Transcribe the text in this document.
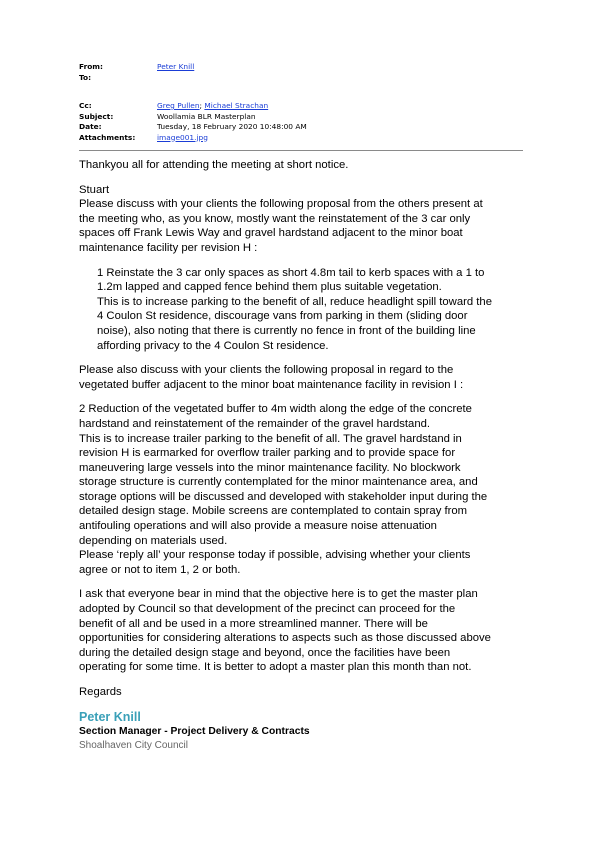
From:	Peter Knill
To:
Cc:	Greg Pullen; Michael Strachan
Subject:	Woollamia BLR Masterplan
Date:	Tuesday, 18 February 2020 10:48:00 AM
Attachments:	image001.jpg

Thankyou all for attending the meeting at short notice.

Stuart
Please discuss with your clients the following proposal from the others present at
the meeting who, as you know, mostly want the reinstatement of the 3 car only
spaces off Frank Lewis Way and gravel hardstand adjacent to the minor boat
maintenance facility per revision H :

1 Reinstate the 3 car only spaces as short 4.8m tail to kerb spaces with a 1 to
1.2m lapped and capped fence behind them plus suitable vegetation.
This is to increase parking to the benefit of all, reduce headlight spill toward the
4 Coulon St residence, discourage vans from parking in them (sliding door
noise), also noting that there is currently no fence in front of the building line
affording privacy to the 4 Coulon St residence.

Please also discuss with your clients the following proposal in regard to the
vegetated buffer adjacent to the minor boat maintenance facility in revision I :

2 Reduction of the vegetated buffer to 4m width along the edge of the concrete
hardstand and reinstatement of the remainder of the gravel hardstand.
This is to increase trailer parking to the benefit of all. The gravel hardstand in
revision H is earmarked for overflow trailer parking and to provide space for
maneuvering large vessels into the minor maintenance facility. No blockwork
storage structure is currently contemplated for the minor maintenance area, and
storage options will be discussed and developed with stakeholder input during the
detailed design stage. Mobile screens are contemplated to contain spray from
antifouling operations and will also provide a measure noise attenuation
depending on materials used.
Please ‘reply all’ your response today if possible, advising whether your clients
agree or not to item 1, 2 or both.

I ask that everyone bear in mind that the objective here is to get the master plan
adopted by Council so that development of the precinct can proceed for the
benefit of all and be used in a more streamlined manner. There will be
opportunities for considering alterations to aspects such as those discussed above
during the detailed design stage and beyond, once the facilities have been
operating for some time. It is better to adopt a master plan this month than not.

Regards

Peter Knill

Section Manager - Project Delivery & Contracts

Shoalhaven City Council
